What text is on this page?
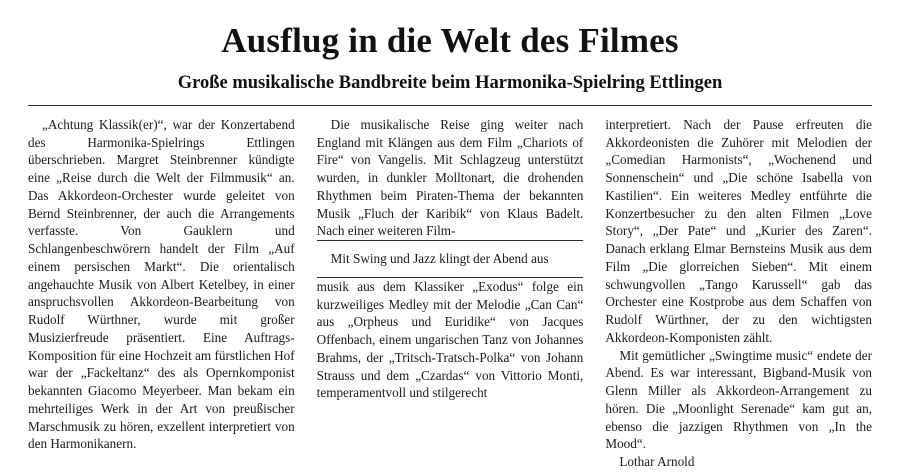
Ausflug in die Welt des Filmes
Große musikalische Bandbreite beim Harmonika-Spielring Ettlingen

„Achtung Klassik(er)“, war der Konzertabend des Harmonika-Spielrings Ettlingen überschrieben. Margret Steinbrenner kündigte eine „Reise durch die Welt der Filmmusik“ an. Das Akkordeon-Orchester wurde geleitet von Bernd Steinbrenner, der auch die Arrangements verfasste. Von Gauklern und Schlangenbeschwörern handelt der Film „Auf einem persischen Markt“. Die orientalisch angehauchte Musik von Albert Ketelbey, in einer anspruchsvollen Akkordeon-Bearbeitung von Rudolf Würthner, wurde mit großer Musizierfreude präsentiert. Eine Auftrags-Komposition für eine Hochzeit am fürstlichen Hof war der „Fackeltanz“ des als Opernkomponist bekannten Giacomo Meyerbeer. Man bekam ein mehrteiliges Werk in der Art von preußischer Marschmusik zu hören, exzellent interpretiert von den Harmonikanern.

Die musikalische Reise ging weiter nach England mit Klängen aus dem Film „Chariots of Fire“ von Vangelis. Mit Schlagzeug unterstützt wurden, in dunkler Molltonart, die drohenden Rhythmen beim Piraten-Thema der bekannten Musik „Fluch der Karibik“ von Klaus Badelt. Nach einer weiteren Film-

Mit Swing und Jazz klingt der Abend aus

musik aus dem Klassiker „Exodus“ folge ein kurzweiliges Medley mit der Melodie „Can Can“ aus „Orpheus und Euridike“ von Jacques Offenbach, einem ungarischen Tanz von Johannes Brahms, der „Tritsch-Tratsch-Polka“ von Johann Strauss und dem „Czardas“ von Vittorio Monti, temperamentvoll und stilgerecht

interpretiert. Nach der Pause erfreuten die Akkordeonisten die Zuhörer mit Melodien der „Comedian Harmonists“, „Wochenend und Sonnenschein“ und „Die schöne Isabella von Kastilien“. Ein weiteres Medley entführte die Konzertbesucher zu den alten Filmen „Love Story“, „Der Pate“ und „Kurier des Zaren“. Danach erklang Elmar Bernsteins Musik aus dem Film „Die glorreichen Sieben“. Mit einem schwungvollen „Tango Karussell“ gab das Orchester eine Kostprobe aus dem Schaffen von Rudolf Würthner, der zu den wichtigsten Akkordeon-Komponisten zählt.

Mit gemütlicher „Swingtime music“ endete der Abend. Es war interessant, Bigband-Musik von Glenn Miller als Akkordeon-Arrangement zu hören. Die „Moonlight Serenade“ kam gut an, ebenso die jazzigen Rhythmen von „In the Mood“.

Lothar Arnold
